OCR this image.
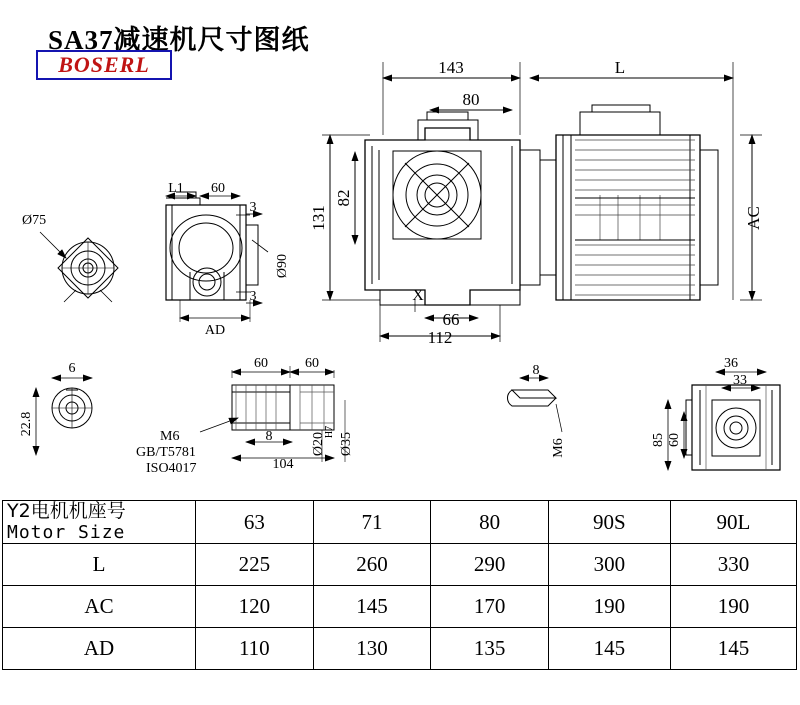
SA37减速机尺寸图纸
BOSERL	143	L
80
66
112
X
131
82
AC
L1 60
3
3
Ø90
AD
Ø75
6
22.8
60	60
8
104
Ø20
H7 Ø35
8
M6
36
33
85 60
M6
GB/T5781
ISO4017
Y2电机机座号
Motor Size	63	71	80	90S	90L
L	225	260	290	300	330
AC	120	145	170	190	190
AD	110	130	135	145	145
